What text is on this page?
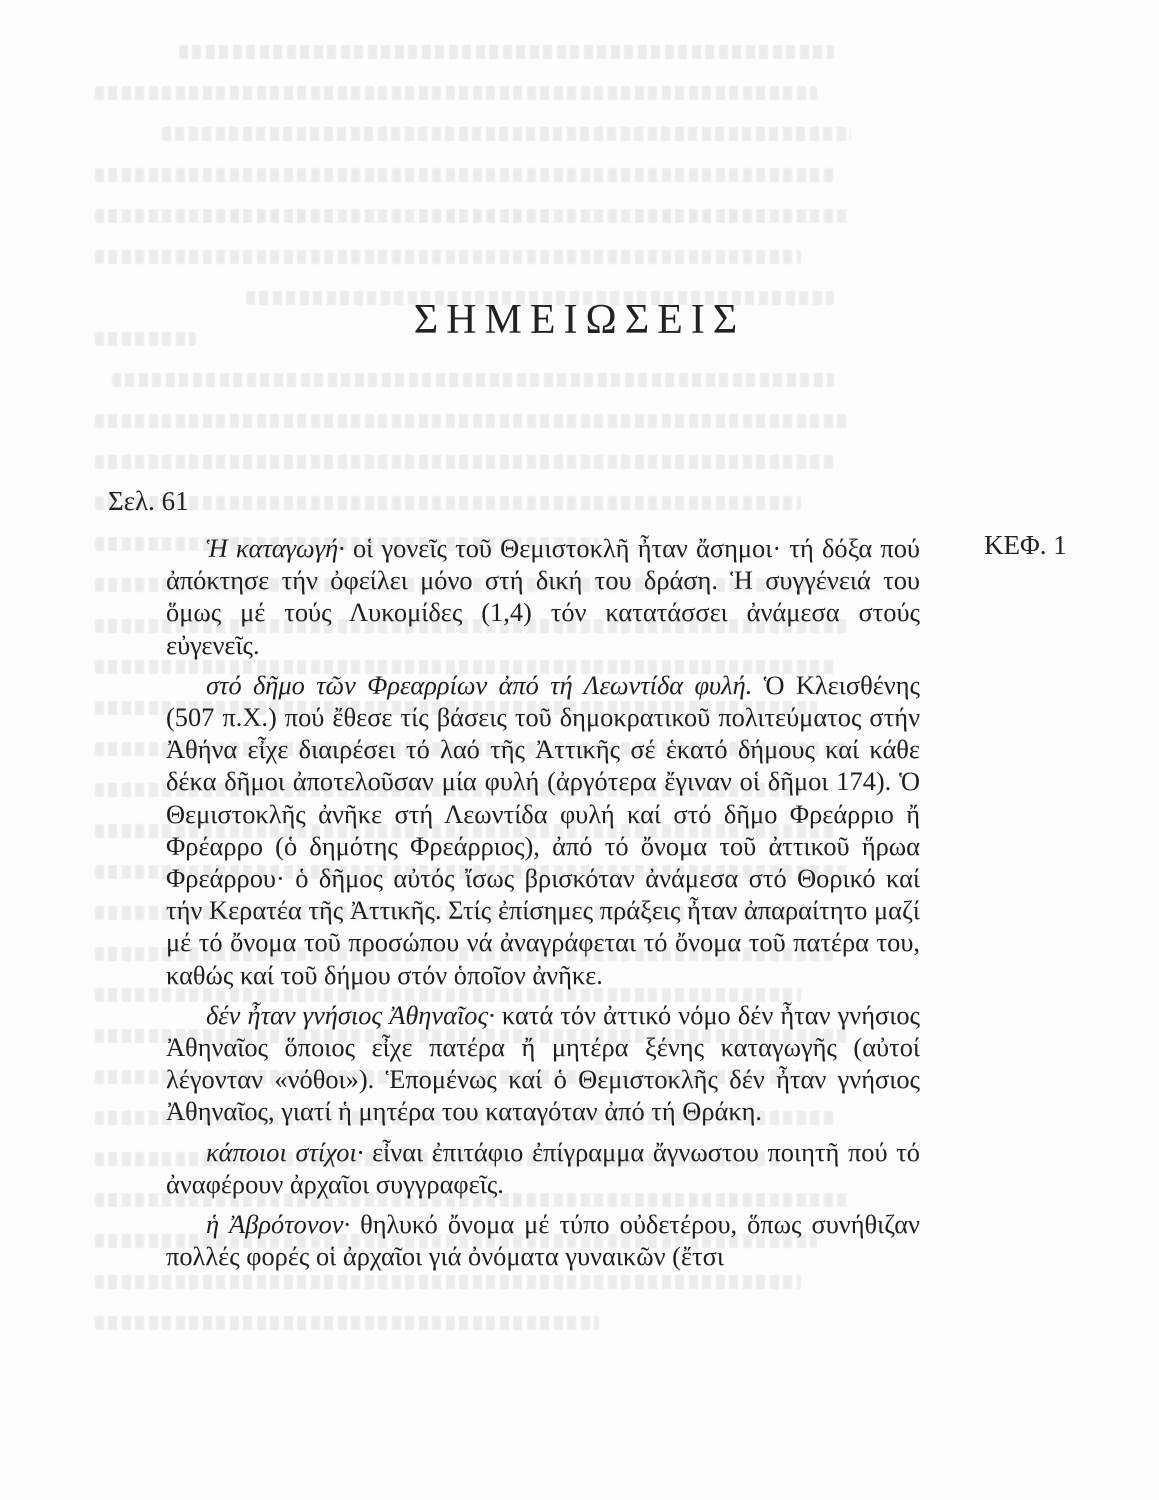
ΣΗΜΕΙΩΣΕΙΣ

Σελ. 61

ΚΕΦ. 1

Ἡ καταγωγή· οἱ γονεῖς τοῦ Θεμιστοκλῆ ἦταν ἄσημοι· τή δόξα πού ἀπόκτησε τήν ὀφείλει μόνο στή δική του δράση. Ἡ συγγένειά του ὅμως μέ τούς Λυκομίδες (1,4) τόν κατατάσσει ἀνάμεσα στούς εὐγενεῖς.

στό δῆμο τῶν Φρεαρρίων ἀπό τή Λεωντίδα φυλή. Ὁ Κλεισθένης (507 π.Χ.) πού ἔθεσε τίς βάσεις τοῦ δημοκρατικοῦ πολιτεύματος στήν Ἀθήνα εἶχε διαιρέσει τό λαό τῆς Ἀττικῆς σέ ἑκατό δήμους καί κάθε δέκα δῆμοι ἀποτελοῦσαν μία φυλή (ἀργότερα ἔγιναν οἱ δῆμοι 174). Ὁ Θεμιστοκλῆς ἀνῆκε στή Λεωντίδα φυλή καί στό δῆμο Φρεάρριο ἤ Φρέαρρο (ὁ δημότης Φρεάρριος), ἀπό τό ὄνομα τοῦ ἀττικοῦ ἥρωα Φρεάρρου· ὁ δῆμος αὐτός ἴσως βρισκόταν ἀνάμεσα στό Θορικό καί τήν Κερατέα τῆς Ἀττικῆς. Στίς ἐπίσημες πράξεις ἦταν ἀπαραίτητο μαζί μέ τό ὄνομα τοῦ προσώπου νά ἀναγράφεται τό ὄνομα τοῦ πατέρα του, καθώς καί τοῦ δήμου στόν ὁποῖον ἀνῆκε.

δέν ἦταν γνήσιος Ἀθηναῖος· κατά τόν ἀττικό νόμο δέν ἦταν γνήσιος Ἀθηναῖος ὅποιος εἶχε πατέρα ἤ μητέρα ξένης καταγωγῆς (αὐτοί λέγονταν «νόθοι»). Ἑπομένως καί ὁ Θεμιστοκλῆς δέν ἦταν γνήσιος Ἀθηναῖος, γιατί ἡ μητέρα του καταγόταν ἀπό τή Θράκη.

κάποιοι στίχοι· εἶναι ἐπιτάφιο ἐπίγραμμα ἄγνωστου ποιητῆ πού τό ἀναφέρουν ἀρχαῖοι συγγραφεῖς.

ἡ Ἀβρότονον· θηλυκό ὄνομα μέ τύπο οὐδετέρου, ὅπως συνήθιζαν πολλές φορές οἱ ἀρχαῖοι γιά ὀνόματα γυναικῶν (ἔτσι
